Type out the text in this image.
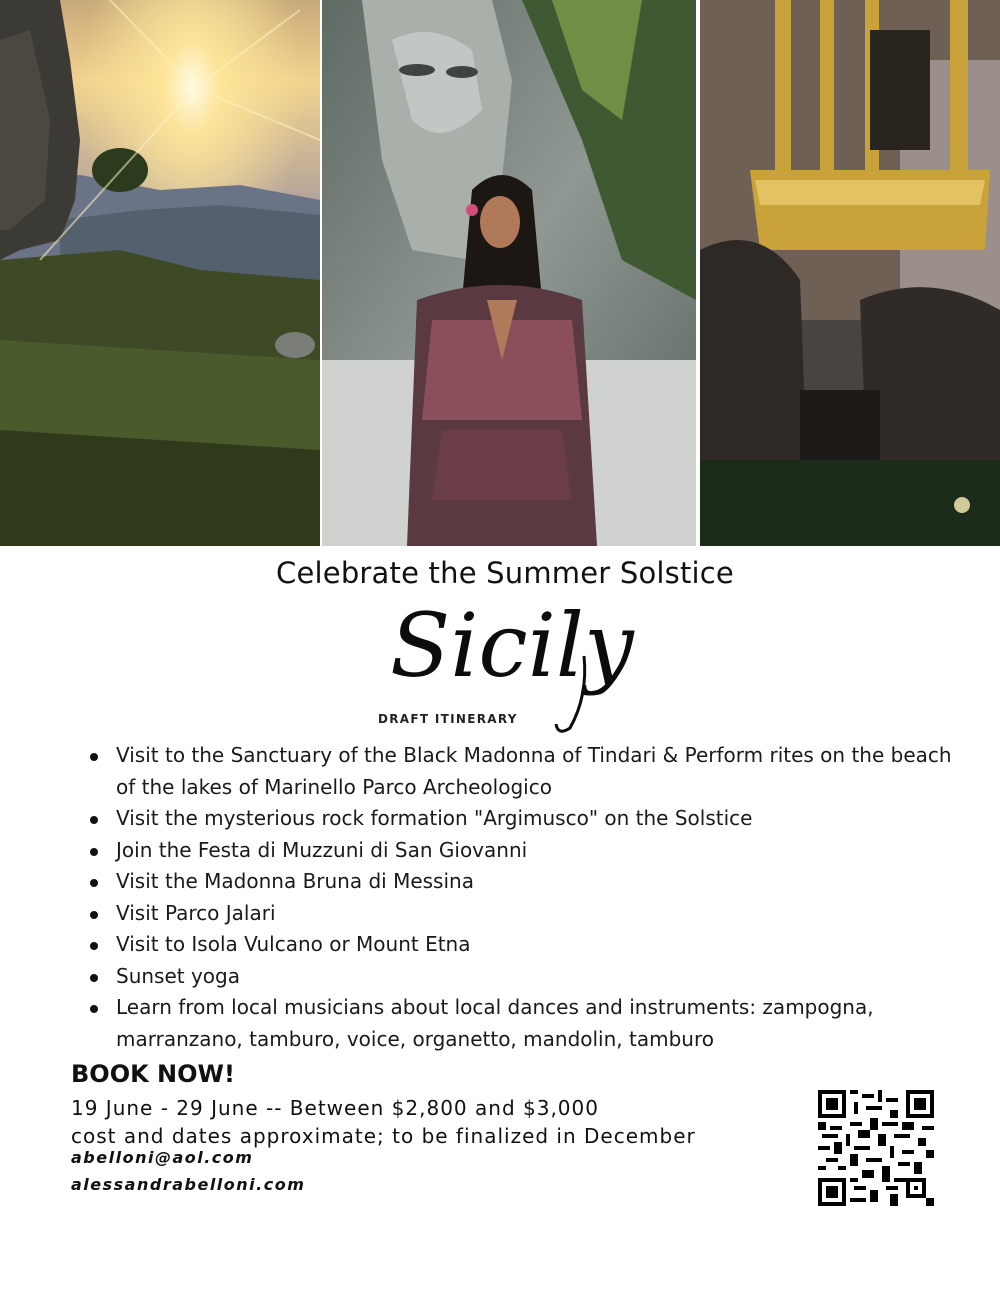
Celebrate the Summer Solstice
Sicily
DRAFT ITINERARY
Visit to the Sanctuary of the Black Madonna of Tindari & Perform rites on the beach of the lakes of Marinello Parco Archeologico
Visit the mysterious rock formation "Argimusco" on the Solstice
Join the Festa di Muzzuni di San Giovanni
Visit the Madonna Bruna di Messina
Visit Parco Jalari
Visit to Isola Vulcano or Mount Etna
Sunset yoga
Learn from local musicians about local dances and instruments: zampogna, marranzano, tamburo, voice, organetto, mandolin, tamburo
BOOK NOW!
19 June - 29 June -- Between $2,800 and $3,000
cost and dates approximate; to be finalized in December
abelloni@aol.com
alessandrabelloni.com
